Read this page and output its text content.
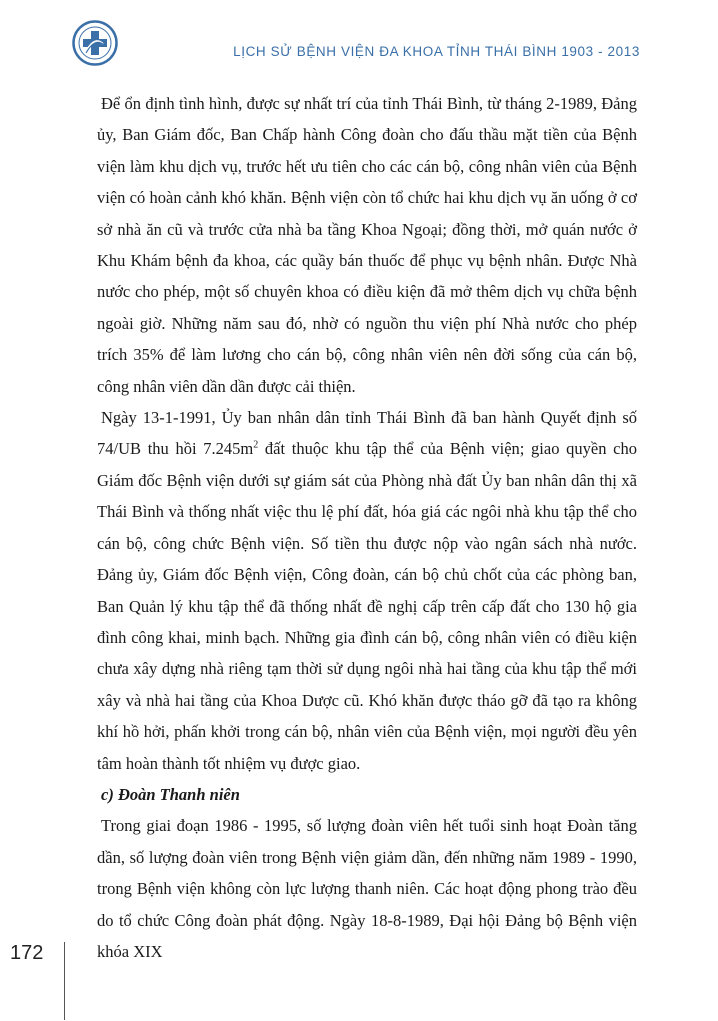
LỊCH SỬ BỆNH VIỆN ĐA KHOA TỈNH THÁI BÌNH 1903 - 2013

Để ổn định tình hình, được sự nhất trí của tỉnh Thái Bình, từ tháng 2-1989, Đảng ủy, Ban Giám đốc, Ban Chấp hành Công đoàn cho đấu thầu mặt tiền của Bệnh viện làm khu dịch vụ, trước hết ưu tiên cho các cán bộ, công nhân viên của Bệnh viện có hoàn cảnh khó khăn. Bệnh viện còn tổ chức hai khu dịch vụ ăn uống ở cơ sở nhà ăn cũ và trước cửa nhà ba tầng Khoa Ngoại; đồng thời, mở quán nước ở Khu Khám bệnh đa khoa, các quầy bán thuốc để phục vụ bệnh nhân. Được Nhà nước cho phép, một số chuyên khoa có điều kiện đã mở thêm dịch vụ chữa bệnh ngoài giờ. Những năm sau đó, nhờ có nguồn thu viện phí Nhà nước cho phép trích 35% để làm lương cho cán bộ, công nhân viên nên đời sống của cán bộ, công nhân viên dần dần được cải thiện.

Ngày 13-1-1991, Ủy ban nhân dân tỉnh Thái Bình đã ban hành Quyết định số 74/UB thu hồi $7.245m^2$ đất thuộc khu tập thể của Bệnh viện; giao quyền cho Giám đốc Bệnh viện dưới sự giám sát của Phòng nhà đất Ủy ban nhân dân thị xã Thái Bình và thống nhất việc thu lệ phí đất, hóa giá các ngôi nhà khu tập thể cho cán bộ, công chức Bệnh viện. Số tiền thu được nộp vào ngân sách nhà nước. Đảng ủy, Giám đốc Bệnh viện, Công đoàn, cán bộ chủ chốt của các phòng ban, Ban Quản lý khu tập thể đã thống nhất đề nghị cấp trên cấp đất cho 130 hộ gia đình công khai, minh bạch. Những gia đình cán bộ, công nhân viên có điều kiện chưa xây dựng nhà riêng tạm thời sử dụng ngôi nhà hai tầng của khu tập thể mới xây và nhà hai tầng của Khoa Dược cũ. Khó khăn được tháo gỡ đã tạo ra không khí hồ hởi, phấn khởi trong cán bộ, nhân viên của Bệnh viện, mọi người đều yên tâm hoàn thành tốt nhiệm vụ được giao.

c) Đoàn Thanh niên

Trong giai đoạn 1986 - 1995, số lượng đoàn viên hết tuổi sinh hoạt Đoàn tăng dần, số lượng đoàn viên trong Bệnh viện giảm dần, đến những năm 1989 - 1990, trong Bệnh viện không còn lực lượng thanh niên. Các hoạt động phong trào đều do tổ chức Công đoàn phát động. Ngày 18-8-1989, Đại hội Đảng bộ Bệnh viện khóa XIX

172
